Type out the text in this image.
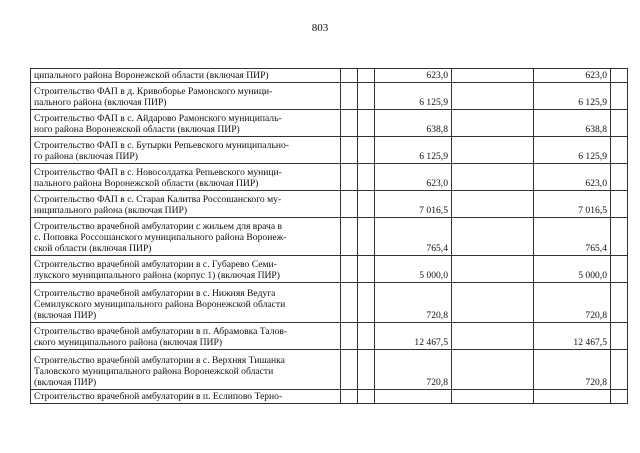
803
ципального района Воронежской области (включая ПИР)			623,0		623,0	
Строительство ФАП в д. Кривоборье Рамонского муници-
пального района (включая ПИР)			6 125,9		6 125,9	
Строительство ФАП в с. Айдарово Рамонского муниципаль-
ного района Воронежской области (включая ПИР)			638,8		638,8	
Строительство ФАП в с. Бутырки Репьевского муниципально-
го района (включая ПИР)			6 125,9		6 125,9	
Строительство ФАП в с. Новосолдатка Репьевского муници-
пального района Воронежской области (включая ПИР)			623,0		623,0	
Строительство ФАП в с. Старая Калитва Россошанского му-
ниципального района (включая ПИР)			7 016,5		7 016,5	
Строительство врачебной амбулатории с жильем для врача в
с. Поповка Россошанского муниципального района Воронеж-
ской области (включая ПИР)			765,4		765,4	
Строительство врачебной амбулатории в с. Губарево Семи-
лукского муниципального района (корпус 1) (включая ПИР)			5 000,0		5 000,0	
Строительство врачебной амбулатории в с. Нижняя Ведуга
Семилукского муниципального района Воронежской области
(включая ПИР)			720,8		720,8	
Строительство врачебной амбулатории в п. Абрамовка Талов-
ского муниципального района (включая ПИР)			12 467,5		12 467,5	
Строительство врачебной амбулатории в с. Верхняя Тишанка
Таловского муниципального района Воронежской области
(включая ПИР)			720,8		720,8	
Строительство врачебной амбулатории в п. Еслипово Терно-						
